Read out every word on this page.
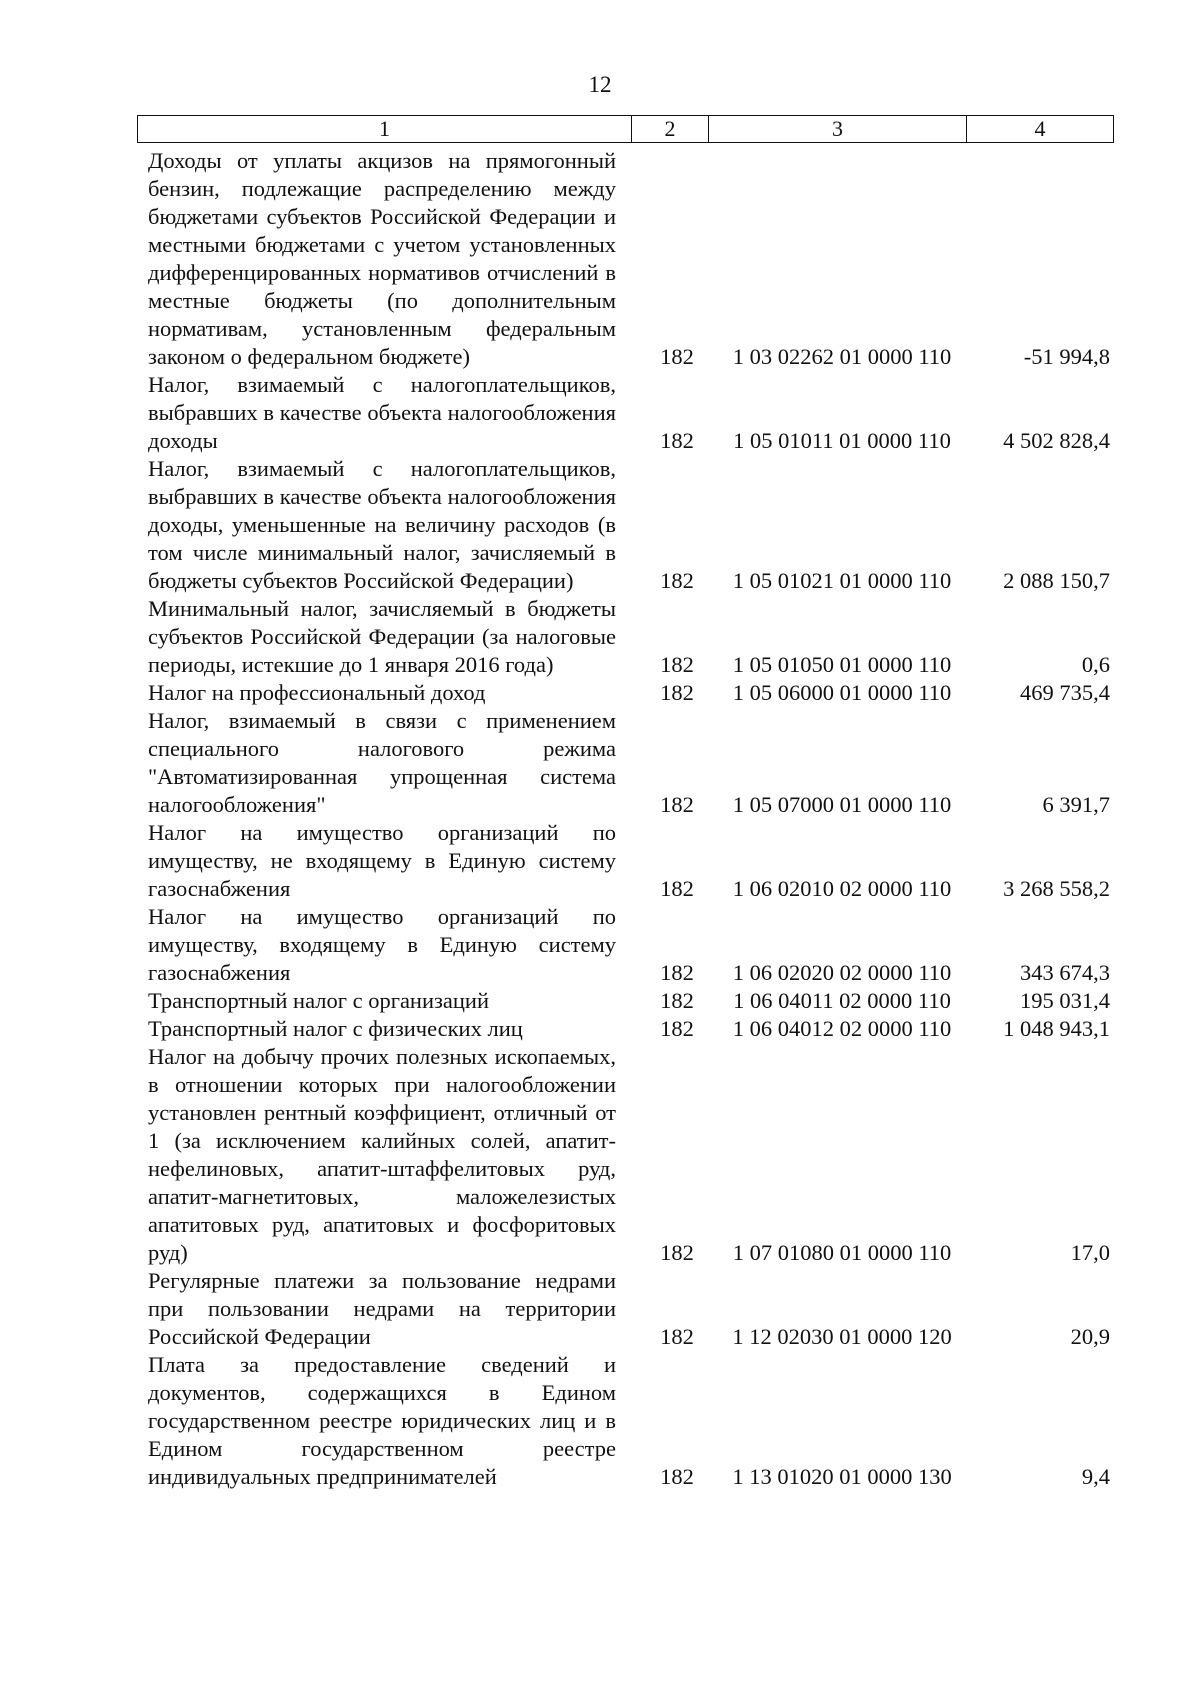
12
1	2	3	4
Доходы от уплаты акцизов на прямогонный бензин, подлежащие распределению между бюджетами субъектов Российской Федерации и местными бюджетами с учетом установленных дифференцированных нормативов отчислений в местные бюджеты (по дополнительным нормативам, установленным федеральным законом о федеральном бюджете)	182	1 03 02262 01 0000 110	-51 994,8
Налог, взимаемый с налогоплательщиков, выбравших в качестве объекта налогообложения доходы	182	1 05 01011 01 0000 110	4 502 828,4
Налог, взимаемый с налогоплательщиков, выбравших в качестве объекта налогообложения доходы, уменьшенные на величину расходов (в том числе минимальный налог, зачисляемый в бюджеты субъектов Российской Федерации)	182	1 05 01021 01 0000 110	2 088 150,7
Минимальный налог, зачисляемый в бюджеты субъектов Российской Федерации (за налоговые периоды, истекшие до 1 января 2016 года)	182	1 05 01050 01 0000 110	0,6
Налог на профессиональный доход	182	1 05 06000 01 0000 110	469 735,4
Налог, взимаемый в связи с применением специального налогового режима "Автоматизированная упрощенная система налогообложения"	182	1 05 07000 01 0000 110	6 391,7
Налог на имущество организаций по имуществу, не входящему в Единую систему газоснабжения	182	1 06 02010 02 0000 110	3 268 558,2
Налог на имущество организаций по имуществу, входящему в Единую систему газоснабжения	182	1 06 02020 02 0000 110	343 674,3
Транспортный налог с организаций	182	1 06 04011 02 0000 110	195 031,4
Транспортный налог с физических лиц	182	1 06 04012 02 0000 110	1 048 943,1
Налог на добычу прочих полезных ископаемых, в отношении которых при налогообложении установлен рентный коэффициент, отличный от 1 (за исключением калийных солей, апатит-нефелиновых, апатит-штаффелитовых руд, апатит-магнетитовых, маложелезистых апатитовых руд, апатитовых и фосфоритовых руд)	182	1 07 01080 01 0000 110	17,0
Регулярные платежи за пользование недрами при пользовании недрами на территории Российской Федерации	182	1 12 02030 01 0000 120	20,9
Плата за предоставление сведений и документов, содержащихся в Едином государственном реестре юридических лиц и в Едином государственном реестре индивидуальных предпринимателей	182	1 13 01020 01 0000 130	9,4
